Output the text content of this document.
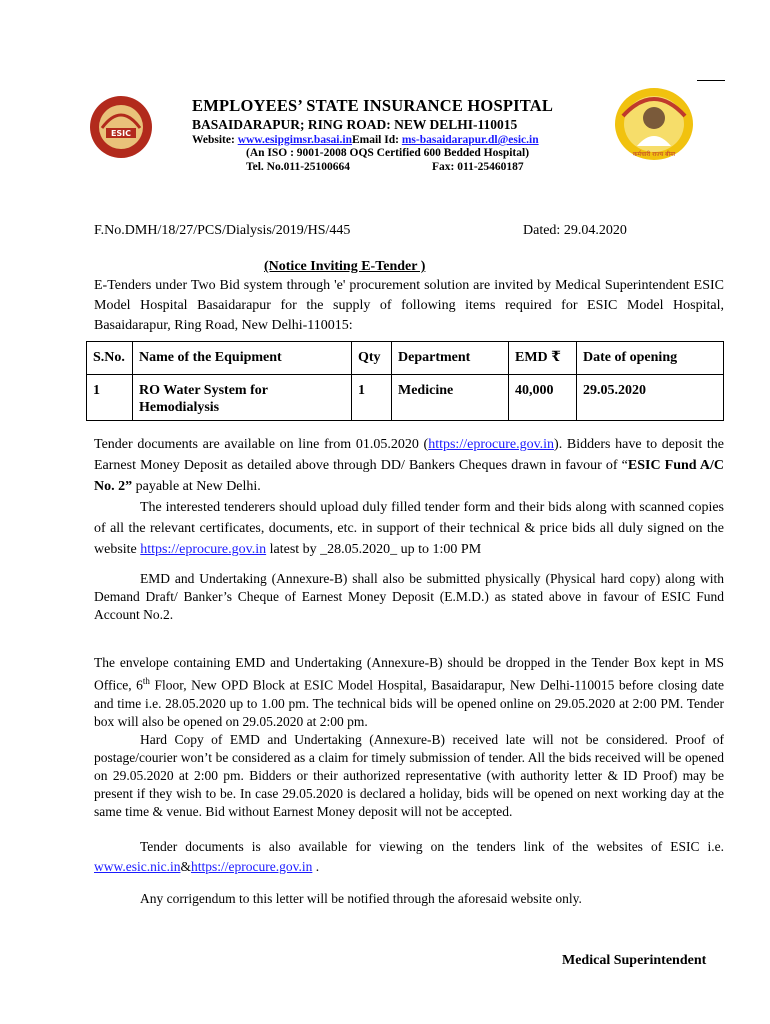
ESIC
कर्मचारी राज्य बीमा
EMPLOYEES’ STATE INSURANCE HOSPITAL
BASAIDARAPUR; RING ROAD: NEW DELHI-110015
Website: www.esipgimsr.basai.inEmail Id: ms-basaidarapur.dl@esic.in
(An ISO : 9001-2008 OQS Certified 600 Bedded Hospital)
Tel. No.011-25100664	Fax: 011-25460187
F.No.DMH/18/27/PCS/Dialysis/2019/HS/445	Dated: 29.04.2020
(Notice Inviting E-Tender )
E-Tenders under Two Bid system through 'e' procurement solution are invited by Medical Superintendent ESIC Model Hospital Basaidarapur for the supply of following items required for ESIC Model Hospital, Basaidarapur, Ring Road, New Delhi-110015:
S.No.	Name of the Equipment	Qty	Department	EMD ₹	Date of opening
1	RO Water System for Hemodialysis	1	Medicine	40,000	29.05.2020
Tender documents are available on line from 01.05.2020 (https://eprocure.gov.in). Bidders have to deposit the Earnest Money Deposit as detailed above through DD/ Bankers Cheques drawn in favour of “ESIC Fund A/C No. 2” payable at New Delhi.
The interested tenderers should upload duly filled tender form and their bids along with scanned copies of all the relevant certificates, documents, etc. in support of their technical & price bids all duly signed on the website https://eprocure.gov.in latest by _28.05.2020_ up to 1:00 PM
EMD and Undertaking (Annexure-B) shall also be submitted physically (Physical hard copy) along with Demand Draft/ Banker’s Cheque of Earnest Money Deposit (E.M.D.) as stated above in favour of ESIC Fund Account No.2.
The envelope containing EMD and Undertaking (Annexure-B) should be dropped in the Tender Box kept in MS Office, 6th Floor, New OPD Block at ESIC Model Hospital, Basaidarapur, New Delhi-110015 before closing date and time i.e. 28.05.2020 up to 1.00 pm. The technical bids will be opened online on 29.05.2020 at 2:00 PM. Tender box will also be opened on 29.05.2020 at 2:00 pm.
Hard Copy of EMD and Undertaking (Annexure-B) received late will not be considered. Proof of postage/courier won’t be considered as a claim for timely submission of tender. All the bids received will be opened on 29.05.2020 at 2:00 pm. Bidders or their authorized representative (with authority letter & ID Proof) may be present if they wish to be. In case 29.05.2020 is declared a holiday, bids will be opened on next working day at the same time & venue. Bid without Earnest Money deposit will not be accepted.
Tender documents is also available for viewing on the tenders link of the websites of ESIC i.e. www.esic.nic.in&https://eprocure.gov.in .
Any corrigendum to this letter will be notified through the aforesaid website only.
Medical Superintendent
